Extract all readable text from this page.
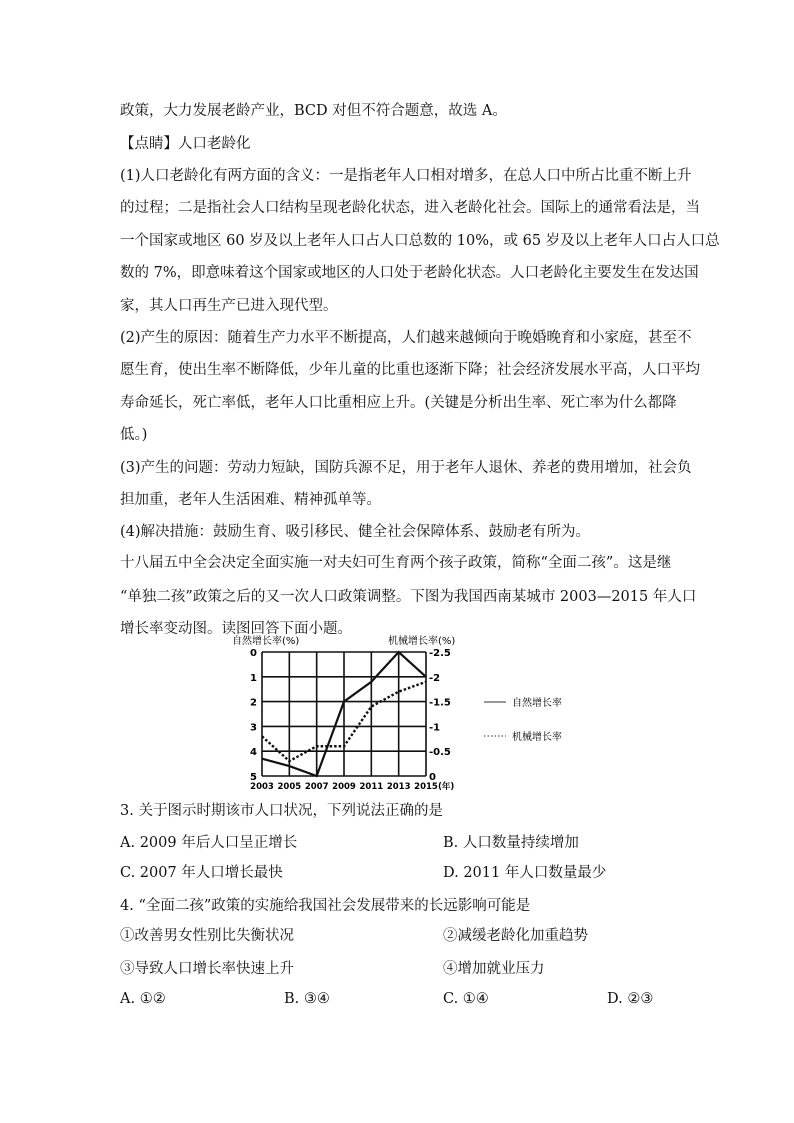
政策，大力发展老龄产业，BCD 对但不符合题意，故选 A。
【点睛】人口老龄化
(1)人口老龄化有两方面的含义：一是指老年人口相对增多，在总人口中所占比重不断上升
的过程；二是指社会人口结构呈现老龄化状态，进入老龄化社会。国际上的通常看法是，当
一个国家或地区 60 岁及以上老年人口占人口总数的 10%，或 65 岁及以上老年人口占人口总
数的 7%，即意味着这个国家或地区的人口处于老龄化状态。人口老龄化主要发生在发达国
家，其人口再生产已进入现代型。
(2)产生的原因：随着生产力水平不断提高，人们越来越倾向于晚婚晚育和小家庭，甚至不
愿生育，使出生率不断降低，少年儿童的比重也逐渐下降；社会经济发展水平高，人口平均
寿命延长，死亡率低，老年人口比重相应上升。(关键是分析出生率、死亡率为什么都降
低。)
(3)产生的问题：劳动力短缺，国防兵源不足，用于老年人退休、养老的费用增加，社会负
担加重，老年人生活困难、精神孤单等。
(4)解决措施：鼓励生育、吸引移民、健全社会保障体系、鼓励老有所为。
十八届五中全会决定全面实施一对夫妇可生育两个孩子政策，简称“全面二孩”。这是继
“单独二孩”政策之后的又一次人口政策调整。下图为我国西南某城市 2003—2015 年人口
增长率变动图。读图回答下面小题。
0
1
2
3
4
5
-2.5
-2
-1.5
-1
-0.5
0
2003 2005 2007 2009 2011 2013 2015 (年)
自然增长率(%)	机械增长率(%)
自然增长率
机械增长率
3. 关于图示时期该市人口状况，下列说法正确的是
A. 2009 年后人口呈正增长	B. 人口数量持续增加
C. 2007 年人口增长最快	D. 2011 年人口数量最少
4. “全面二孩”政策的实施给我国社会发展带来的长远影响可能是
①改善男女性别比失衡状况	②减缓老龄化加重趋势
③导致人口增长率快速上升	④增加就业压力
A. ①②	B. ③④	C. ①④	D. ②③
